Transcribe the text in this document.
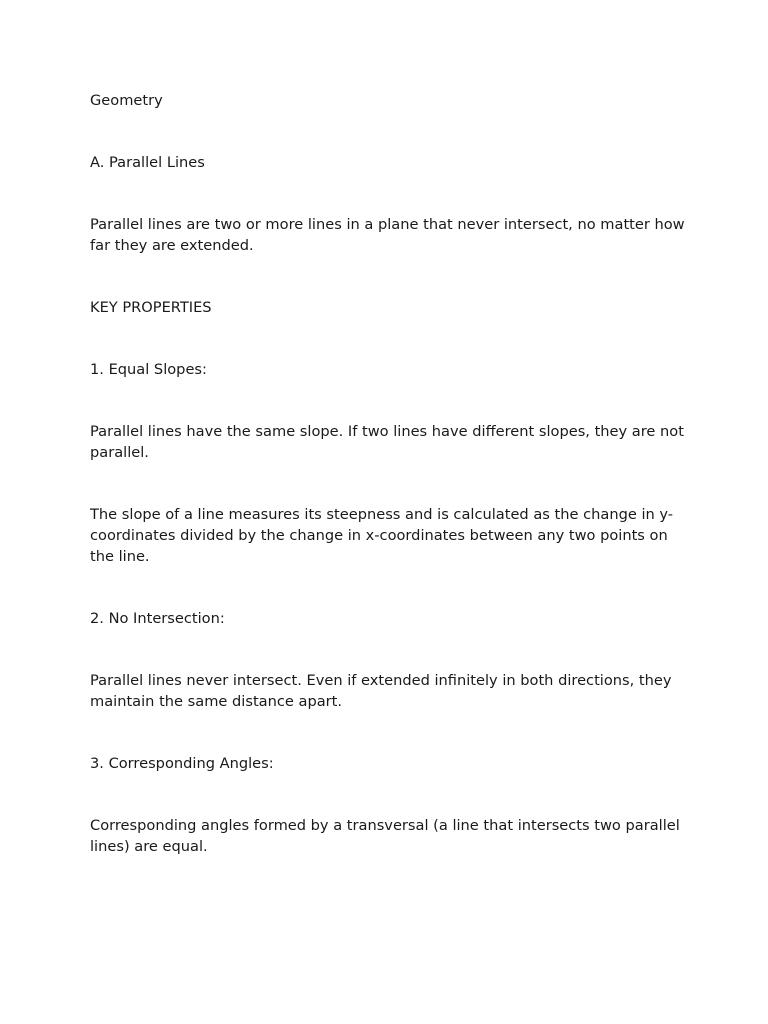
Geometry

A. Parallel Lines

Parallel lines are two or more lines in a plane that never intersect, no matter how far they are extended.

KEY PROPERTIES

1. Equal Slopes:

Parallel lines have the same slope. If two lines have different slopes, they are not parallel.

The slope of a line measures its steepness and is calculated as the change in y-coordinates divided by the change in x-coordinates between any two points on the line.

2. No Intersection:

Parallel lines never intersect. Even if extended infinitely in both directions, they maintain the same distance apart.

3. Corresponding Angles:

Corresponding angles formed by a transversal (a line that intersects two parallel lines) are equal.
